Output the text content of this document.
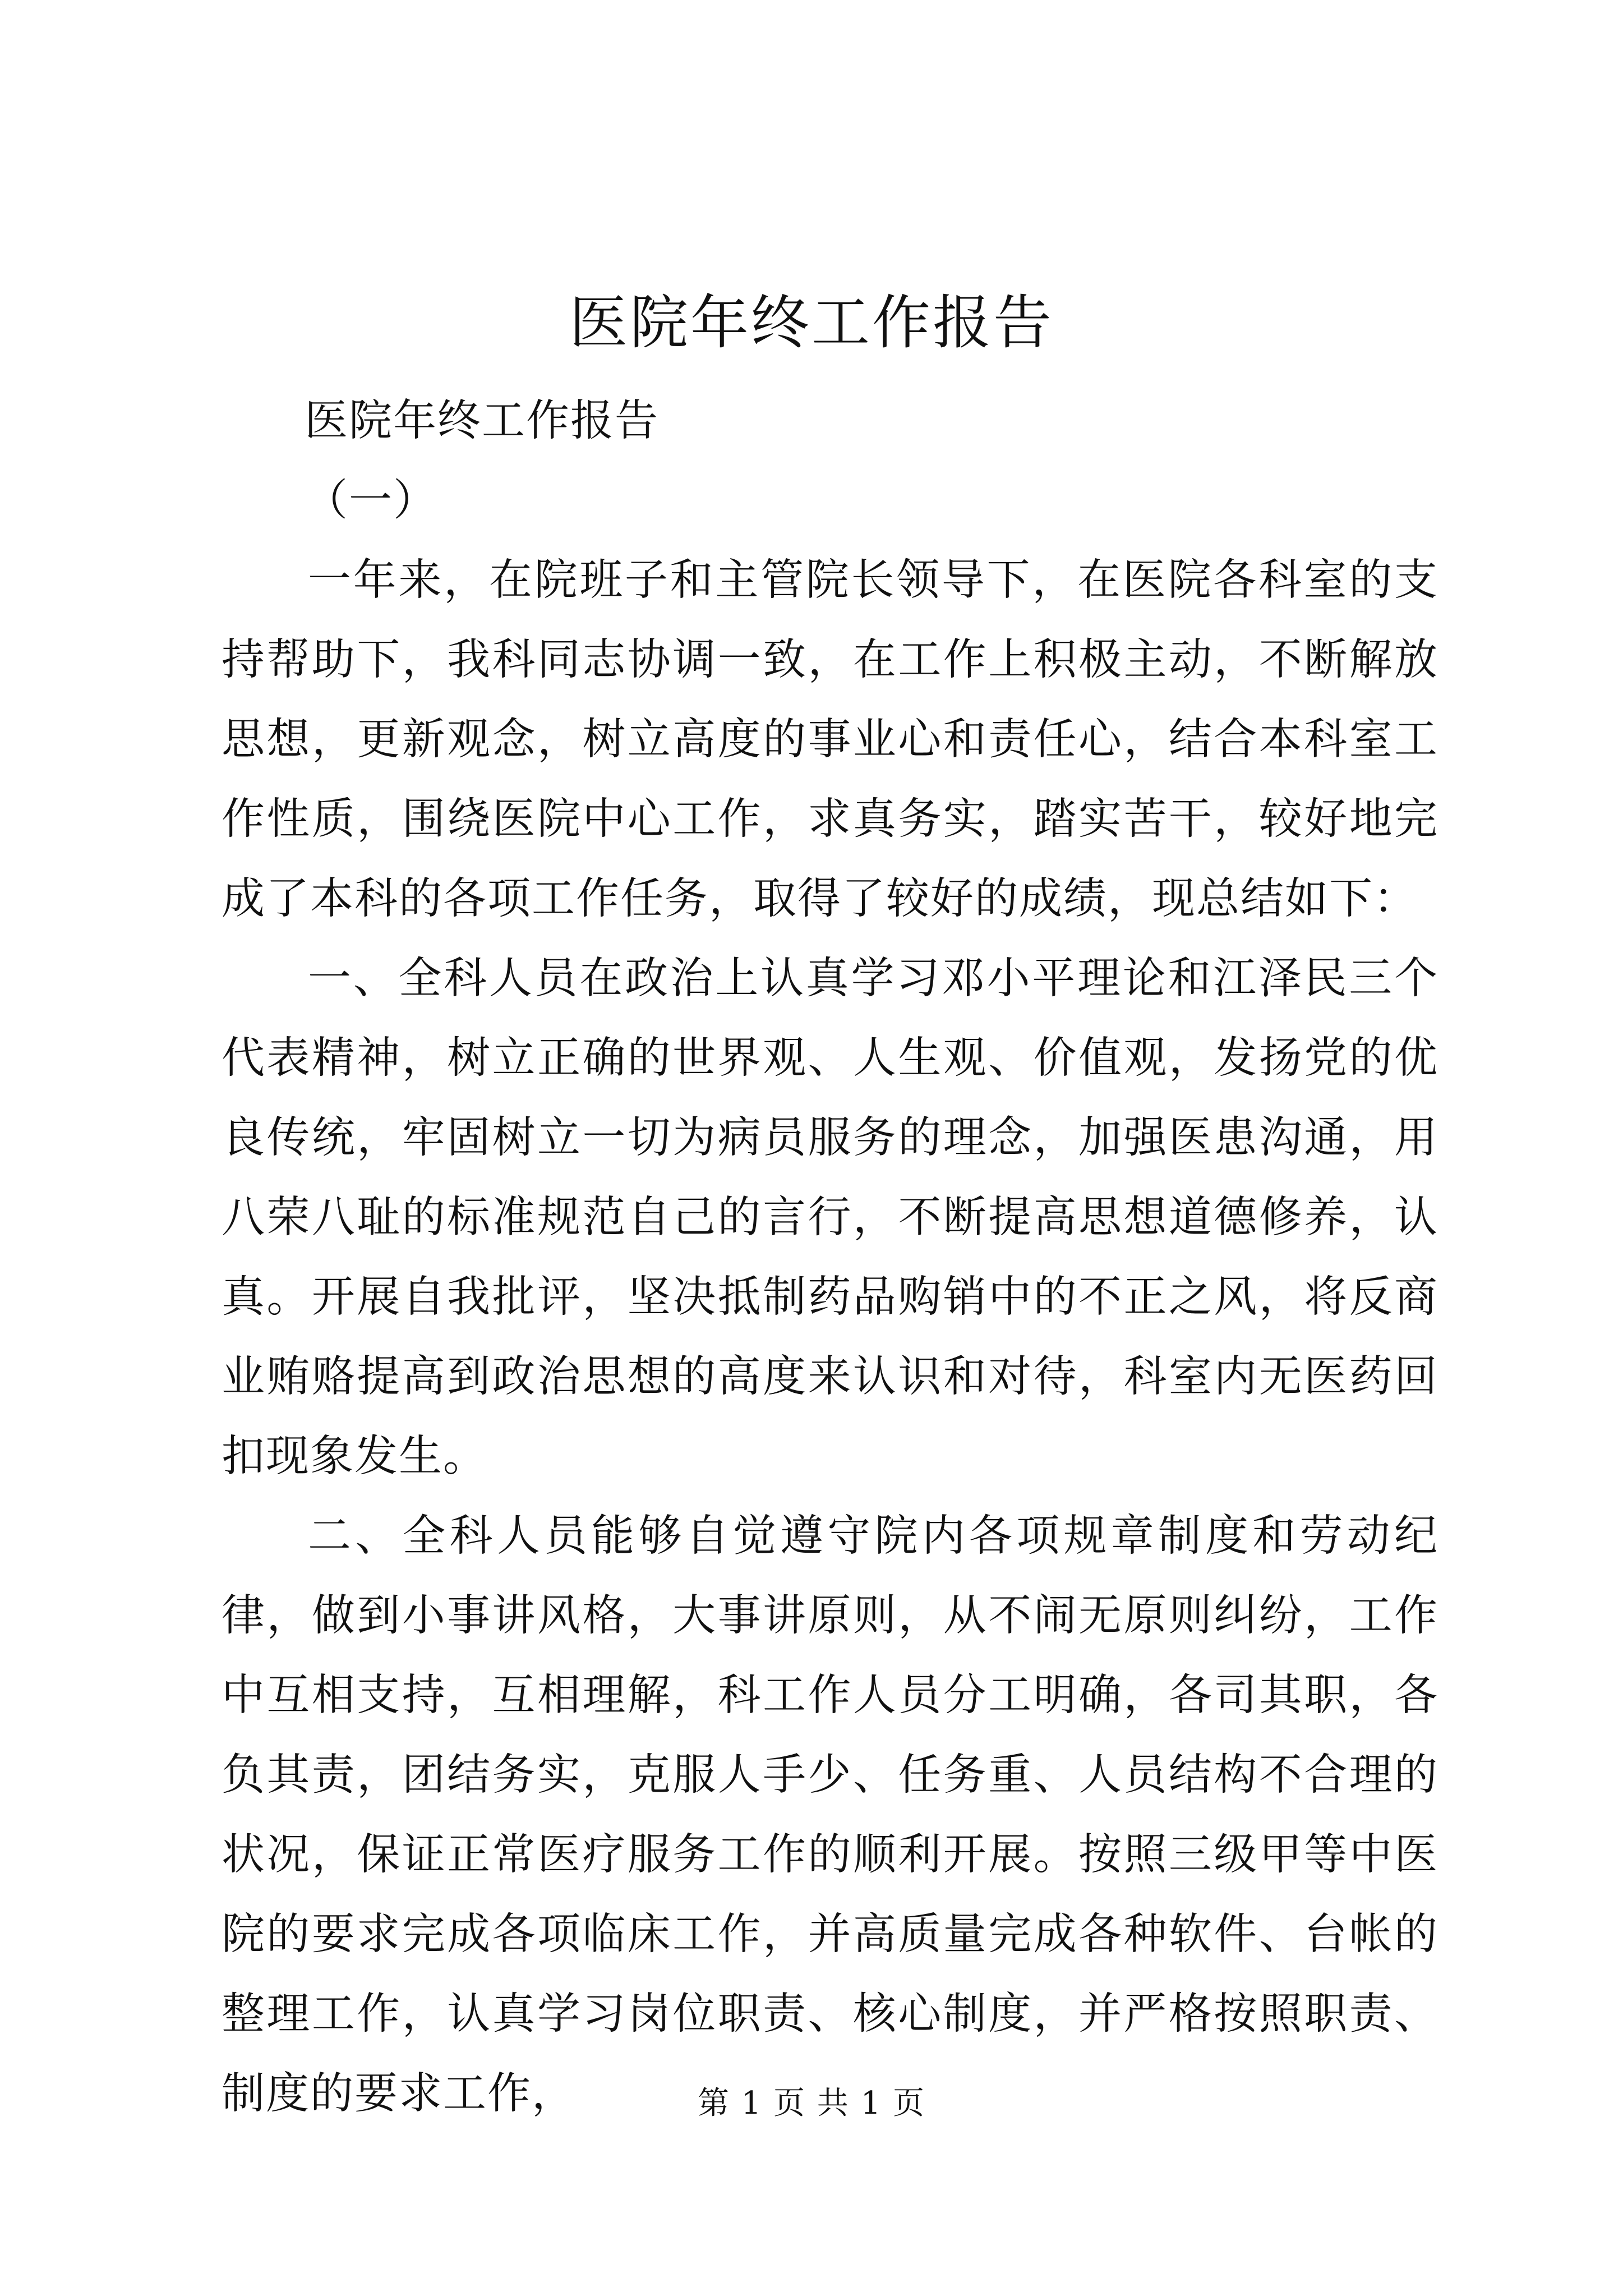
医院年终工作报告

医院年终工作报告

（一）

一年来，在院班子和主管院长领导下，在医院各科室的支持帮助下，我科同志协调一致，在工作上积极主动，不断解放思想，更新观念，树立高度的事业心和责任心，结合本科室工作性质，围绕医院中心工作，求真务实，踏实苦干，较好地完成了本科的各项工作任务，取得了较好的成绩，现总结如下：

一、全科人员在政治上认真学习邓小平理论和江泽民三个代表精神，树立正确的世界观、人生观、价值观，发扬党的优良传统，牢固树立一切为病员服务的理念，加强医患沟通，用八荣八耻的标准规范自己的言行，不断提高思想道德修养，认真。开展自我批评，坚决抵制药品购销中的不正之风，将反商业贿赂提高到政治思想的高度来认识和对待，科室内无医药回扣现象发生。

二、全科人员能够自觉遵守院内各项规章制度和劳动纪律，做到小事讲风格，大事讲原则，从不闹无原则纠纷，工作中互相支持，互相理解，科工作人员分工明确，各司其职，各负其责，团结务实，克服人手少、任务重、人员结构不合理的状况，保证正常医疗服务工作的顺利开展。按照三级甲等中医院的要求完成各项临床工作，并高质量完成各种软件、台帐的整理工作，认真学习岗位职责、核心制度，并严格按照职责、制度的要求工作，	第 1 页 共 1 页
